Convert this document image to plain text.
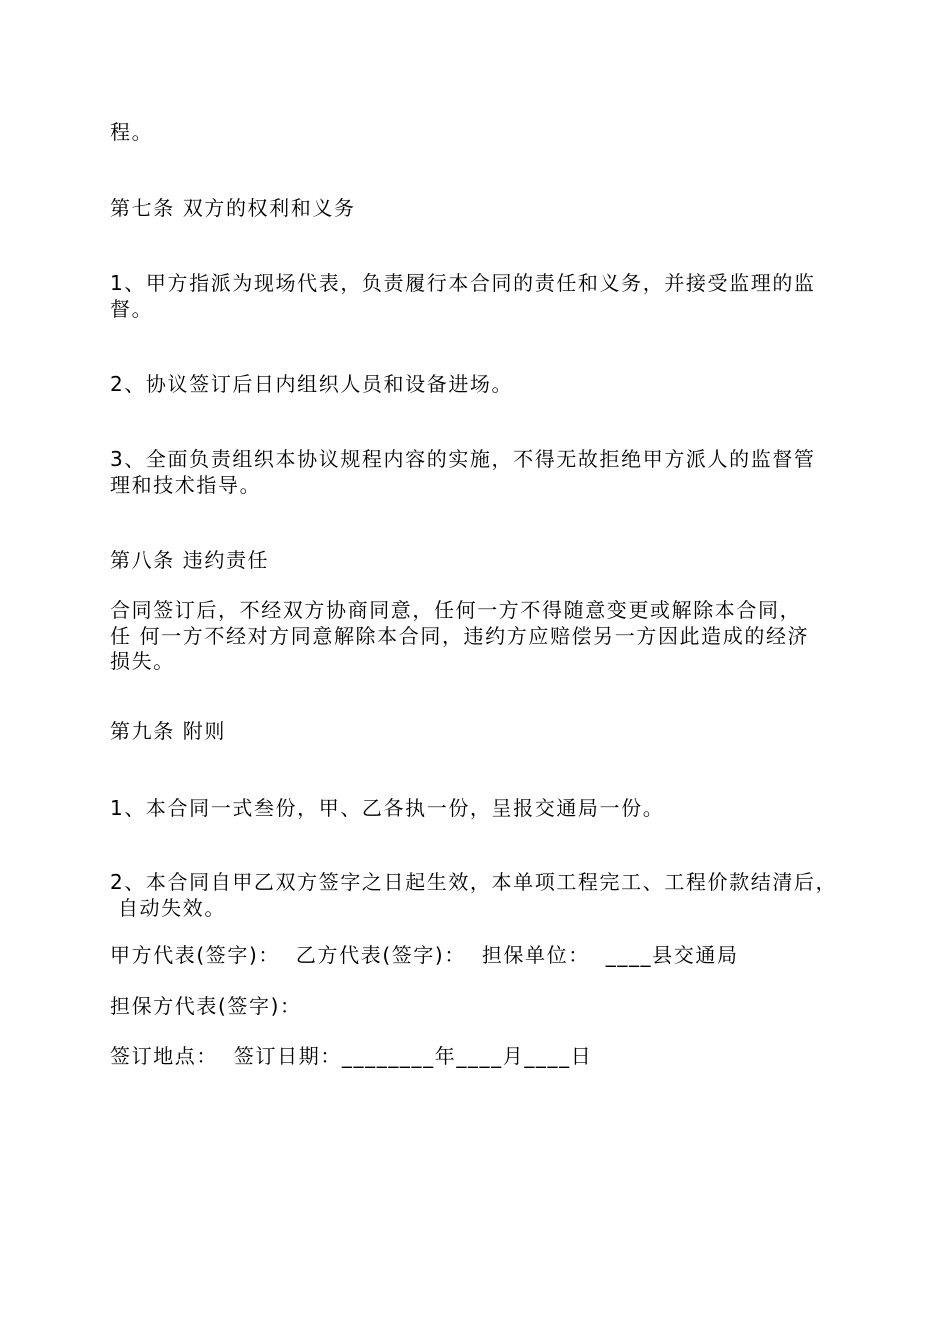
程。
第七条 双方的权利和义务
1、甲方指派为现场代表，负责履行本合同的责任和义务，并接受监理的监
督。
2、协议签订后日内组织人员和设备进场。
3、全面负责组织本协议规程内容的实施，不得无故拒绝甲方派人的监督管
理和技术指导。
第八条 违约责任
合同签订后，不经双方协商同意，任何一方不得随意变更或解除本合同，
任 何一方不经对方同意解除本合同，违约方应赔偿另一方因此造成的经济
损失。
第九条 附则
1、本合同一式叁份，甲、乙各执一份，呈报交通局一份。
2、本合同自甲乙双方签字之日起生效，本单项工程完工、工程价款结清后，
自动失效。
甲方代表(签字)：  乙方代表(签字)：  担保单位：  ____县交通局
担保方代表(签字)：
签订地点：  签订日期：________年____月____日
